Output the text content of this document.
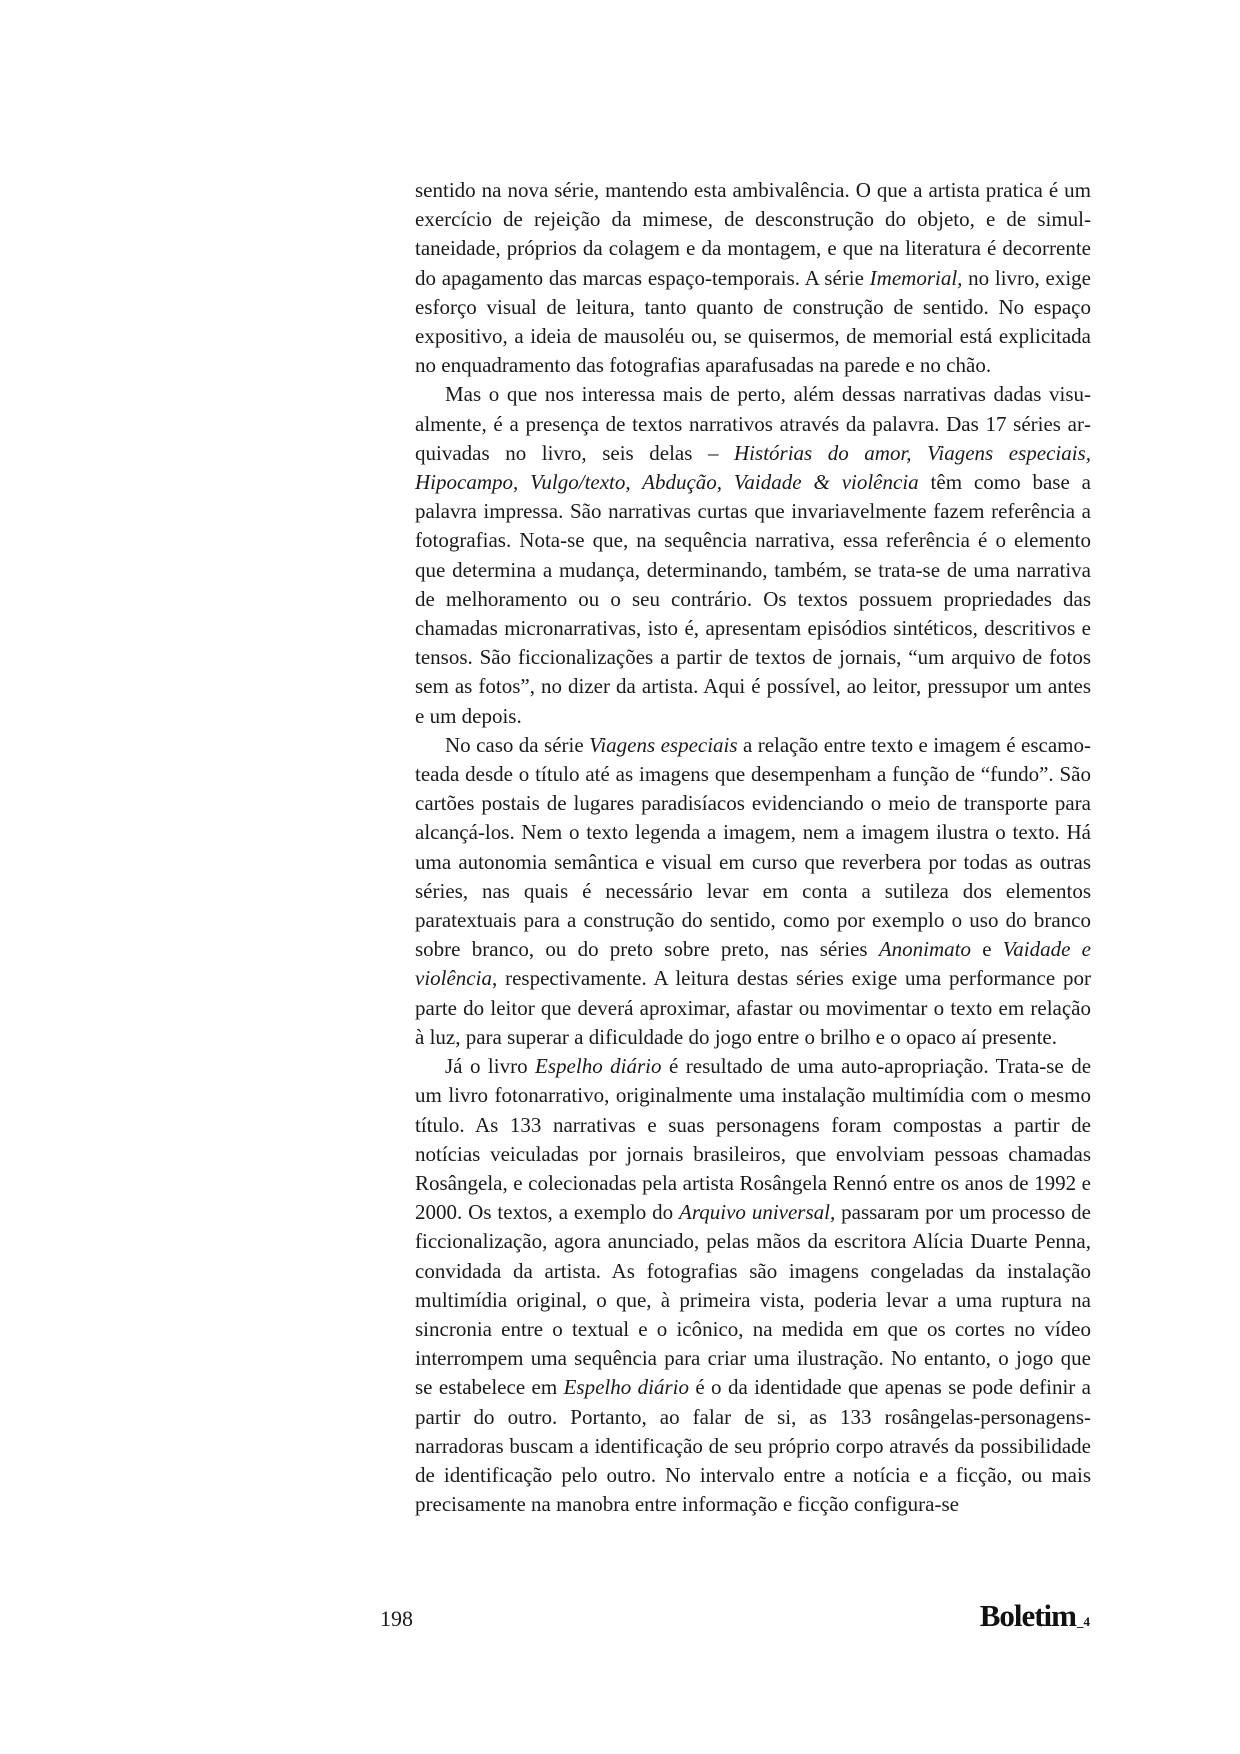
sentido na nova série, mantendo esta ambivalência. O que a artista pratica é um exercício de rejeição da mimese, de desconstrução do objeto, e de simultaneidade, próprios da colagem e da montagem, e que na literatura é decorrente do apagamento das marcas espaço-temporais. A série Imemorial, no livro, exige esforço visual de leitura, tanto quanto de construção de sentido. No espaço expositivo, a ideia de mausoléu ou, se quisermos, de memorial está explicitada no enquadramento das fotografias aparafusadas na parede e no chão.

Mas o que nos interessa mais de perto, além dessas narrativas dadas visualmente, é a presença de textos narrativos através da palavra. Das 17 séries arquivadas no livro, seis delas – Histórias do amor, Viagens especiais, Hipocampo, Vulgo/texto, Abdução, Vaidade & violência têm como base a palavra impressa. São narrativas curtas que invariavelmente fazem referência a fotografias. Nota-se que, na sequência narrativa, essa referência é o elemento que determina a mudança, determinando, também, se trata-se de uma narrativa de melhoramento ou o seu contrário. Os textos possuem propriedades das chamadas micronarrativas, isto é, apresentam episódios sintéticos, descritivos e tensos. São ficcionalizações a partir de textos de jornais, “um arquivo de fotos sem as fotos”, no dizer da artista. Aqui é possível, ao leitor, pressupor um antes e um depois.

No caso da série Viagens especiais a relação entre texto e imagem é escamoteada desde o título até as imagens que desempenham a função de “fundo”. São cartões postais de lugares paradisíacos evidenciando o meio de transporte para alcançá-los. Nem o texto legenda a imagem, nem a imagem ilustra o texto. Há uma autonomia semântica e visual em curso que reverbera por todas as outras séries, nas quais é necessário levar em conta a sutileza dos elementos paratextuais para a construção do sentido, como por exemplo o uso do branco sobre branco, ou do preto sobre preto, nas séries Anonimato e Vaidade e violência, respectivamente. A leitura destas séries exige uma performance por parte do leitor que deverá aproximar, afastar ou movimentar o texto em relação à luz, para superar a dificuldade do jogo entre o brilho e o opaco aí presente.

Já o livro Espelho diário é resultado de uma auto-apropriação. Trata-se de um livro fotonarrativo, originalmente uma instalação multimídia com o mesmo título. As 133 narrativas e suas personagens foram compostas a partir de notícias veiculadas por jornais brasileiros, que envolviam pessoas chamadas Rosângela, e colecionadas pela artista Rosângela Rennó entre os anos de 1992 e 2000. Os textos, a exemplo do Arquivo universal, passaram por um processo de ficcionalização, agora anunciado, pelas mãos da escritora Alícia Duarte Penna, convidada da artista. As fotografias são imagens congeladas da instalação multimídia original, o que, à primeira vista, poderia levar a uma ruptura na sincronia entre o textual e o icônico, na medida em que os cortes no vídeo interrompem uma sequência para criar uma ilustração. No entanto, o jogo que se estabelece em Espelho diário é o da identidade que apenas se pode definir a partir do outro. Portanto, ao falar de si, as 133 rosângelas-personagens-narradoras buscam a identificação de seu próprio corpo através da possibilidade de identificação pelo outro. No intervalo entre a notícia e a ficção, ou mais precisamente na manobra entre informação e ficção configura-se

198	Boletim_4
